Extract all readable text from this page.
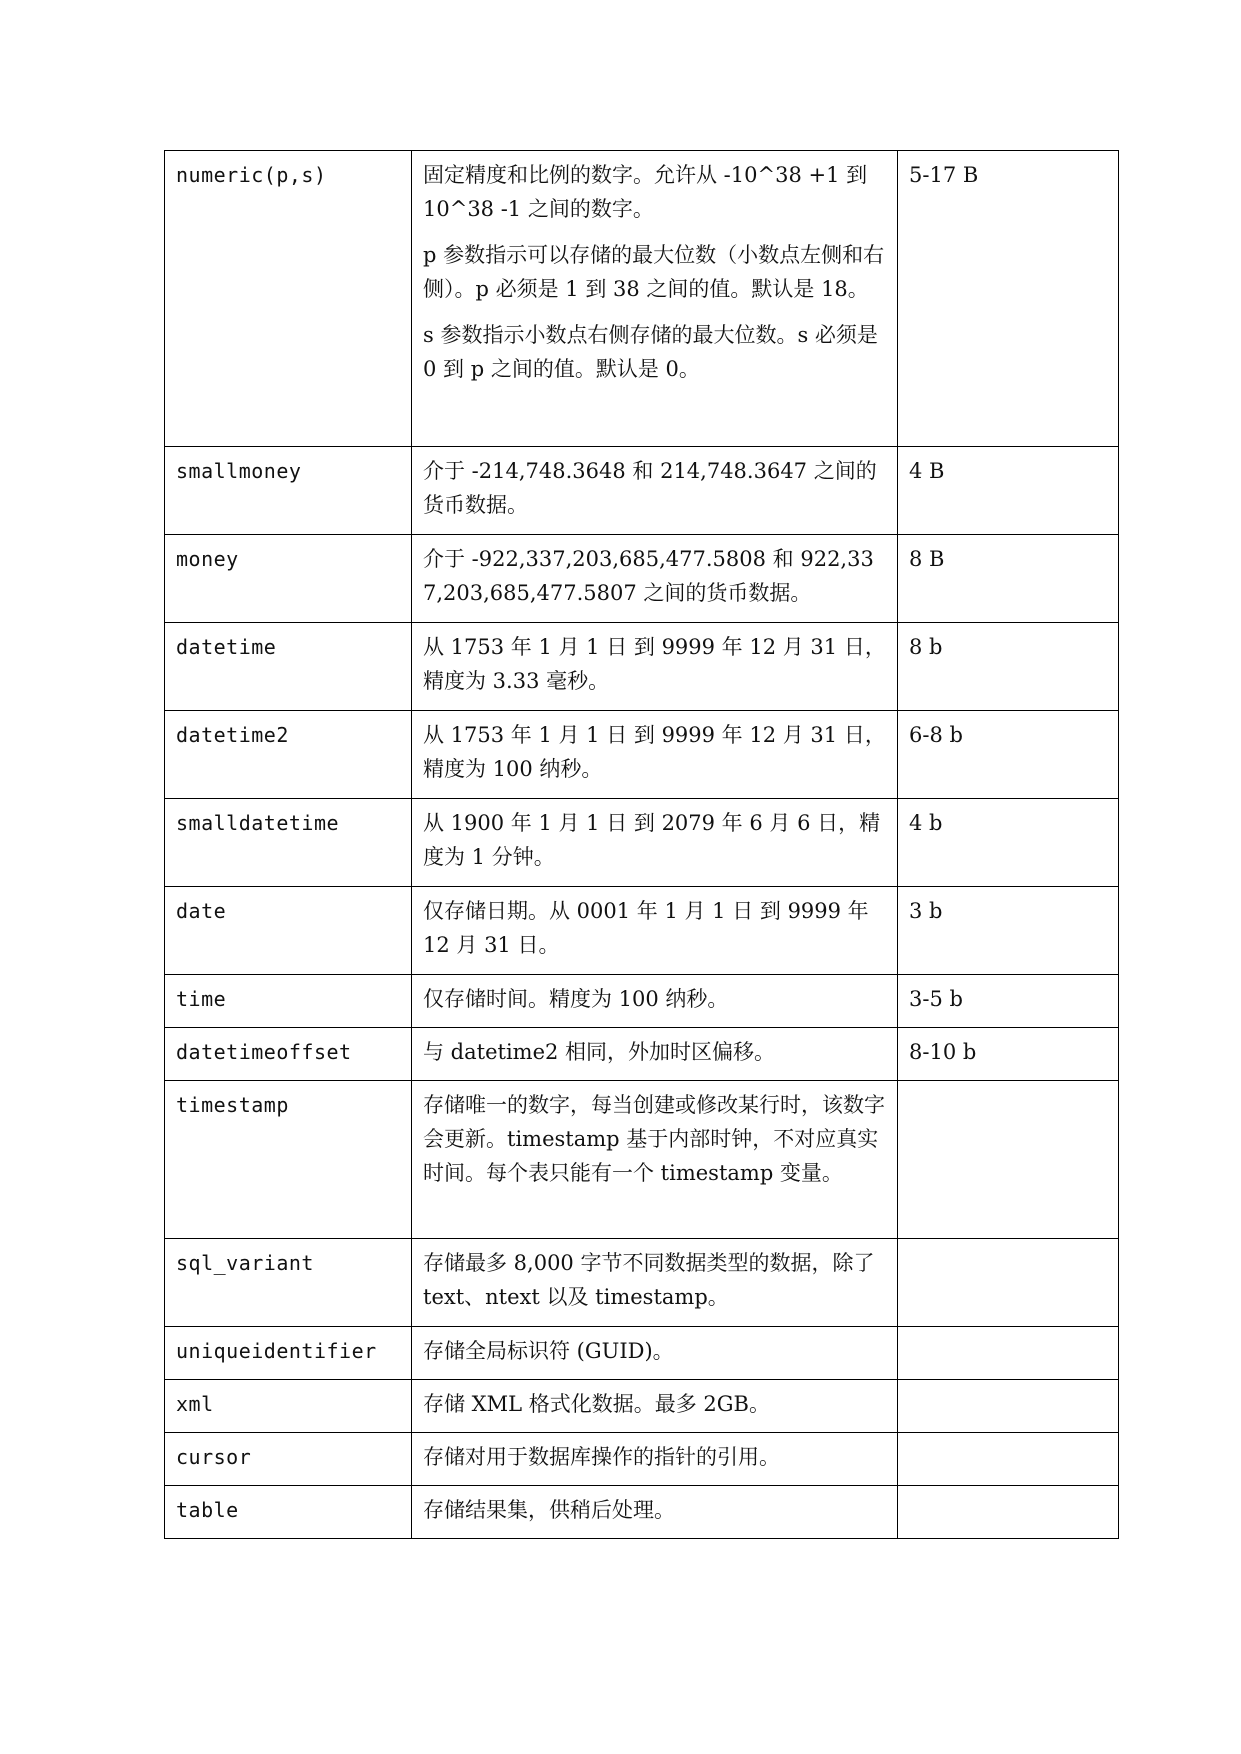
numeric(p,s)	固定精度和比例的数字。允许从 -10^38 +1 到 10^38 -1 之间的数字。

p 参数指示可以存储的最大位数（小数点左侧和右侧）。p 必须是 1 到 38 之间的值。默认是 18。

s 参数指示小数点右侧存储的最大位数。s 必须是 0 到 p 之间的值。默认是 0。	5-17 B
smallmoney	介于 -214,748.3648 和 214,748.3647 之间的货币数据。	4 B
money	介于 -922,337,203,685,477.5808 和 922,337,203,685,477.5807 之间的货币数据。	8 B
datetime	从 1753 年 1 月 1 日 到 9999 年 12 月 31 日，精度为 3.33 毫秒。	8 b
datetime2	从 1753 年 1 月 1 日 到 9999 年 12 月 31 日，精度为 100 纳秒。	6-8 b
smalldatetime	从 1900 年 1 月 1 日 到 2079 年 6 月 6 日，精度为 1 分钟。	4 b
date	仅存储日期。从 0001 年 1 月 1 日 到 9999 年 12 月 31 日。	3 b
time	仅存储时间。精度为 100 纳秒。	3-5 b
datetimeoffset	与 datetime2 相同，外加时区偏移。	8-10 b
timestamp	存储唯一的数字，每当创建或修改某行时，该数字会更新。timestamp 基于内部时钟，不对应真实时间。每个表只能有一个 timestamp 变量。	
sql_variant	存储最多 8,000 字节不同数据类型的数据，除了 text、ntext 以及 timestamp。	
uniqueidentifier	存储全局标识符 (GUID)。	
xml	存储 XML 格式化数据。最多 2GB。	
cursor	存储对用于数据库操作的指针的引用。	
table	存储结果集，供稍后处理。	
